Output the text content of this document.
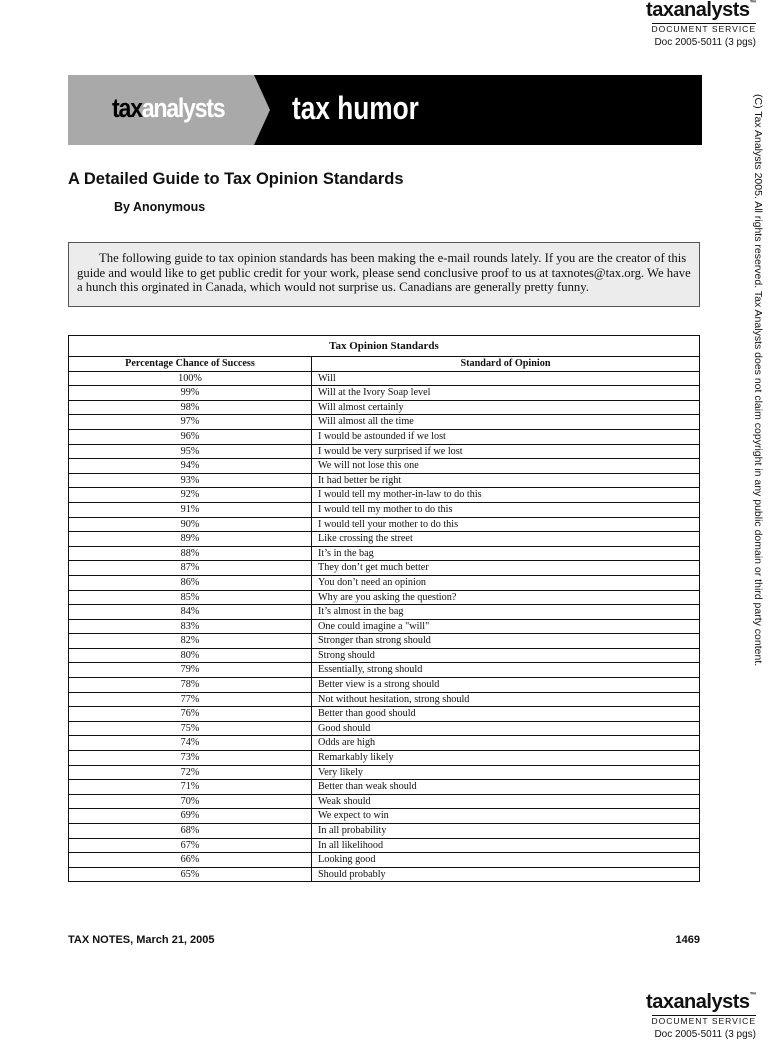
taxanalysts™
DOCUMENT SERVICE
Doc 2005-5011 (3 pgs)
taxanalysts tax humor	(C) Tax Analysts 2005. All rights reserved. Tax Analysts does not claim copyright in any public domain or third party content.
A Detailed Guide to Tax Opinion Standards
By Anonymous
The following guide to tax opinion standards has been making the e-mail rounds lately. If you are the creator of this guide and would like to get public credit for your work, please send conclusive proof to us at taxnotes@tax.org. We have a hunch this orginated in Canada, which would not surprise us. Canadians are generally pretty funny.
Tax Opinion Standards	
Percentage Chance of Success	Standard of Opinion
100%	Will
99%	Will at the Ivory Soap level
98%	Will almost certainly
97%	Will almost all the time
96%	I would be astounded if we lost
95%	I would be very surprised if we lost
94%	We will not lose this one
93%	It had better be right
92%	I would tell my mother-in-law to do this
91%	I would tell my mother to do this
90%	I would tell your mother to do this
89%	Like crossing the street
88%	It’s in the bag
87%	They don’t get much better
86%	You don’t need an opinion
85%	Why are you asking the question?
84%	It’s almost in the bag
83%	One could imagine a "will"
82%	Stronger than strong should
80%	Strong should
79%	Essentially, strong should
78%	Better view is a strong should
77%	Not without hesitation, strong should
76%	Better than good should
75%	Good should
74%	Odds are high
73%	Remarkably likely
72%	Very likely
71%	Better than weak should
70%	Weak should
69%	We expect to win
68%	In all probability
67%	In all likelihood
66%	Looking good
65%	Should probably
TAX NOTES, March 21, 2005	1469
taxanalysts™
DOCUMENT SERVICE
Doc 2005-5011 (3 pgs)
